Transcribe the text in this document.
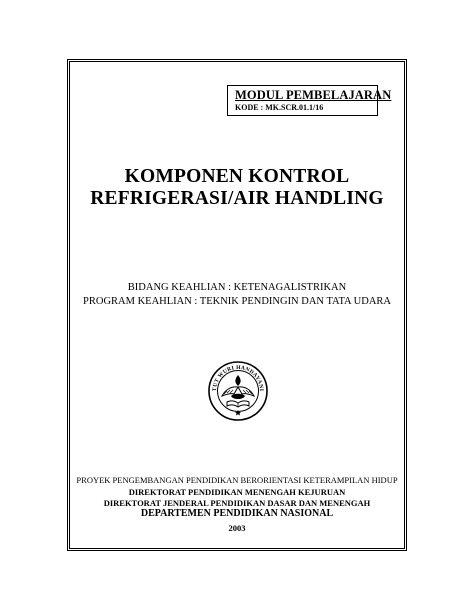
MODUL PEMBELAJARAN
KODE : MK.SCR.01.1/16
KOMPONEN KONTROL
REFRIGERASI/AIR HANDLING
BIDANG KEAHLIAN : KETENAGALISTRIKAN
PROGRAM KEAHLIAN : TEKNIK PENDINGIN DAN TATA UDARA
TUT WURI HANDAYANI
PROYEK PENGEMBANGAN PENDIDIKAN BERORIENTASI KETERAMPILAN HIDUP
DIREKTORAT PENDIDIKAN MENENGAH KEJURUAN
DIREKTORAT JENDERAL PENDIDIKAN DASAR DAN MENENGAH
DEPARTEMEN PENDIDIKAN NASIONAL
2003
